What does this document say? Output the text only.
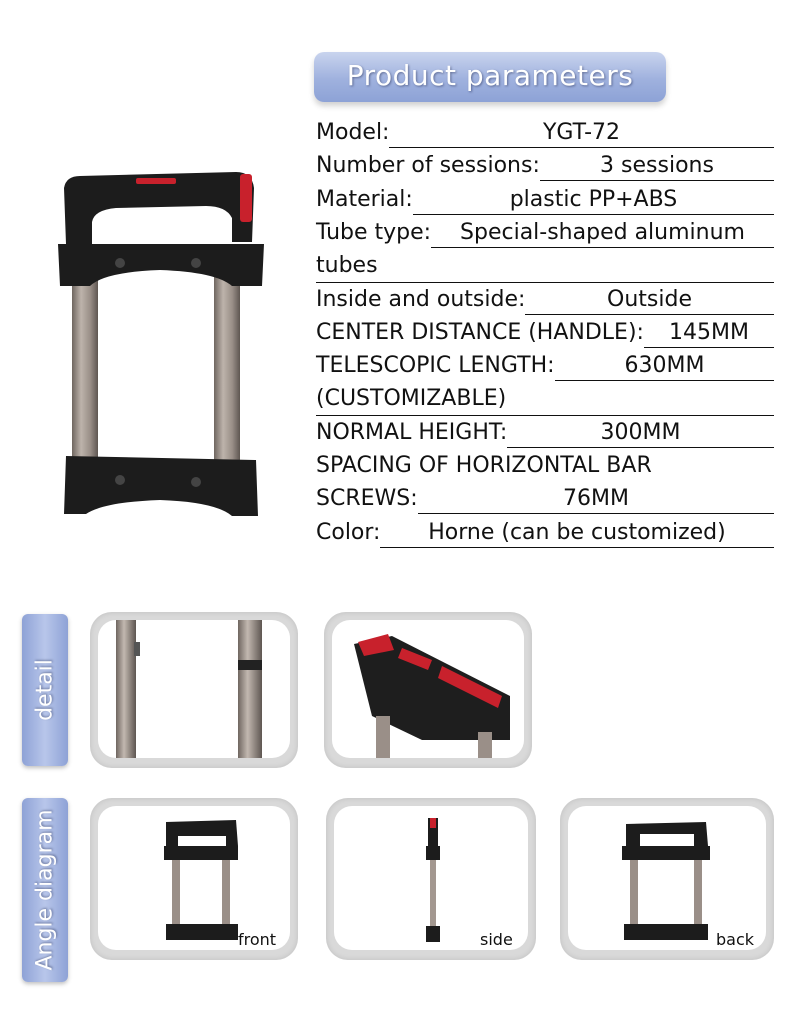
Product parameters
Model:	YGT-72
Number of sessions:	3 sessions
Material:	plastic PP+ABS
Tube type:	Special-shaped aluminum
tubes
Inside and outside:	Outside
CENTER DISTANCE (HANDLE):	145MM
TELESCOPIC LENGTH:	630MM
(CUSTOMIZABLE)
NORMAL HEIGHT:	300MM
SPACING OF HORIZONTAL BAR
SCREWS:	76MM
Color:	Horne (can be customized)
detail
Angle diagram	front	side	back
